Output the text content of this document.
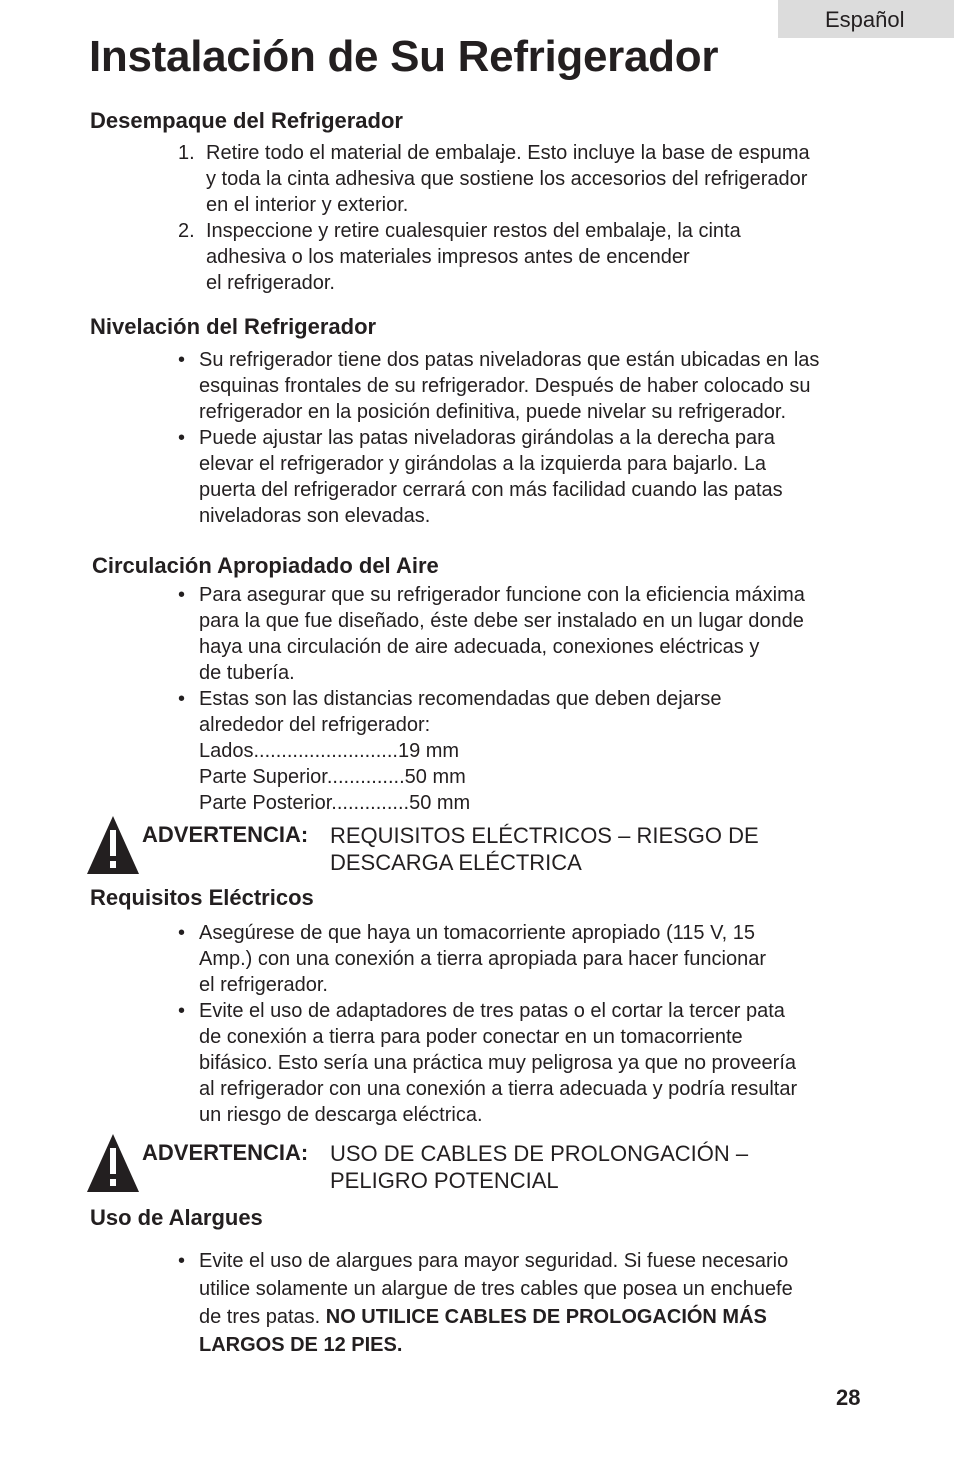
Español
Instalación de Su Refrigerador
Desempaque del Refrigerador
1. Retire todo el material de embalaje. Esto incluye la base de espuma
y toda la cinta adhesiva que sostiene los accesorios del refrigerador
en el interior y exterior.
2. Inspeccione y retire cualesquier restos del embalaje, la cinta
adhesiva o los materiales impresos antes de encender
el refrigerador.
Nivelación del Refrigerador
• Su refrigerador tiene dos patas niveladoras que están ubicadas en las
esquinas frontales de su refrigerador. Después de haber colocado su
refrigerador en la posición definitiva, puede nivelar su refrigerador.
• Puede ajustar las patas niveladoras girándolas a la derecha para
elevar el refrigerador y girándolas a la izquierda para bajarlo. La
puerta del refrigerador cerrará con más facilidad cuando las patas
niveladoras son elevadas.
Circulación Apropiadado del Aire
• Para asegurar que su refrigerador funcione con la eficiencia máxima
para la que fue diseñado, éste debe ser instalado en un lugar donde
haya una circulación de aire adecuada, conexiones eléctricas y
de tubería.
• Estas son las distancias recomendadas que deben dejarse
alrededor del refrigerador:
Lados..........................19 mm
Parte Superior..............50 mm
Parte Posterior..............50 mm
ADVERTENCIA: REQUISITOS ELÉCTRICOS – RIESGO DE
DESCARGA ELÉCTRICA
Requisitos Eléctricos
• Asegúrese de que haya un tomacorriente apropiado (115 V, 15
Amp.) con una conexión a tierra apropiada para hacer funcionar
el refrigerador.
• Evite el uso de adaptadores de tres patas o el cortar la tercer pata
de conexión a tierra para poder conectar en un tomacorriente
bifásico. Esto sería una práctica muy peligrosa ya que no proveería
al refrigerador con una conexión a tierra adecuada y podría resultar
un riesgo de descarga eléctrica.
ADVERTENCIA: USO DE CABLES DE PROLONGACIÓN –
PELIGRO POTENCIAL
Uso de Alargues
• Evite el uso de alargues para mayor seguridad. Si fuese necesario
utilice solamente un alargue de tres cables que posea un enchuefe
de tres patas. NO UTILICE CABLES DE PROLOGACIÓN MÁS
LARGOS DE 12 PIES.
28
